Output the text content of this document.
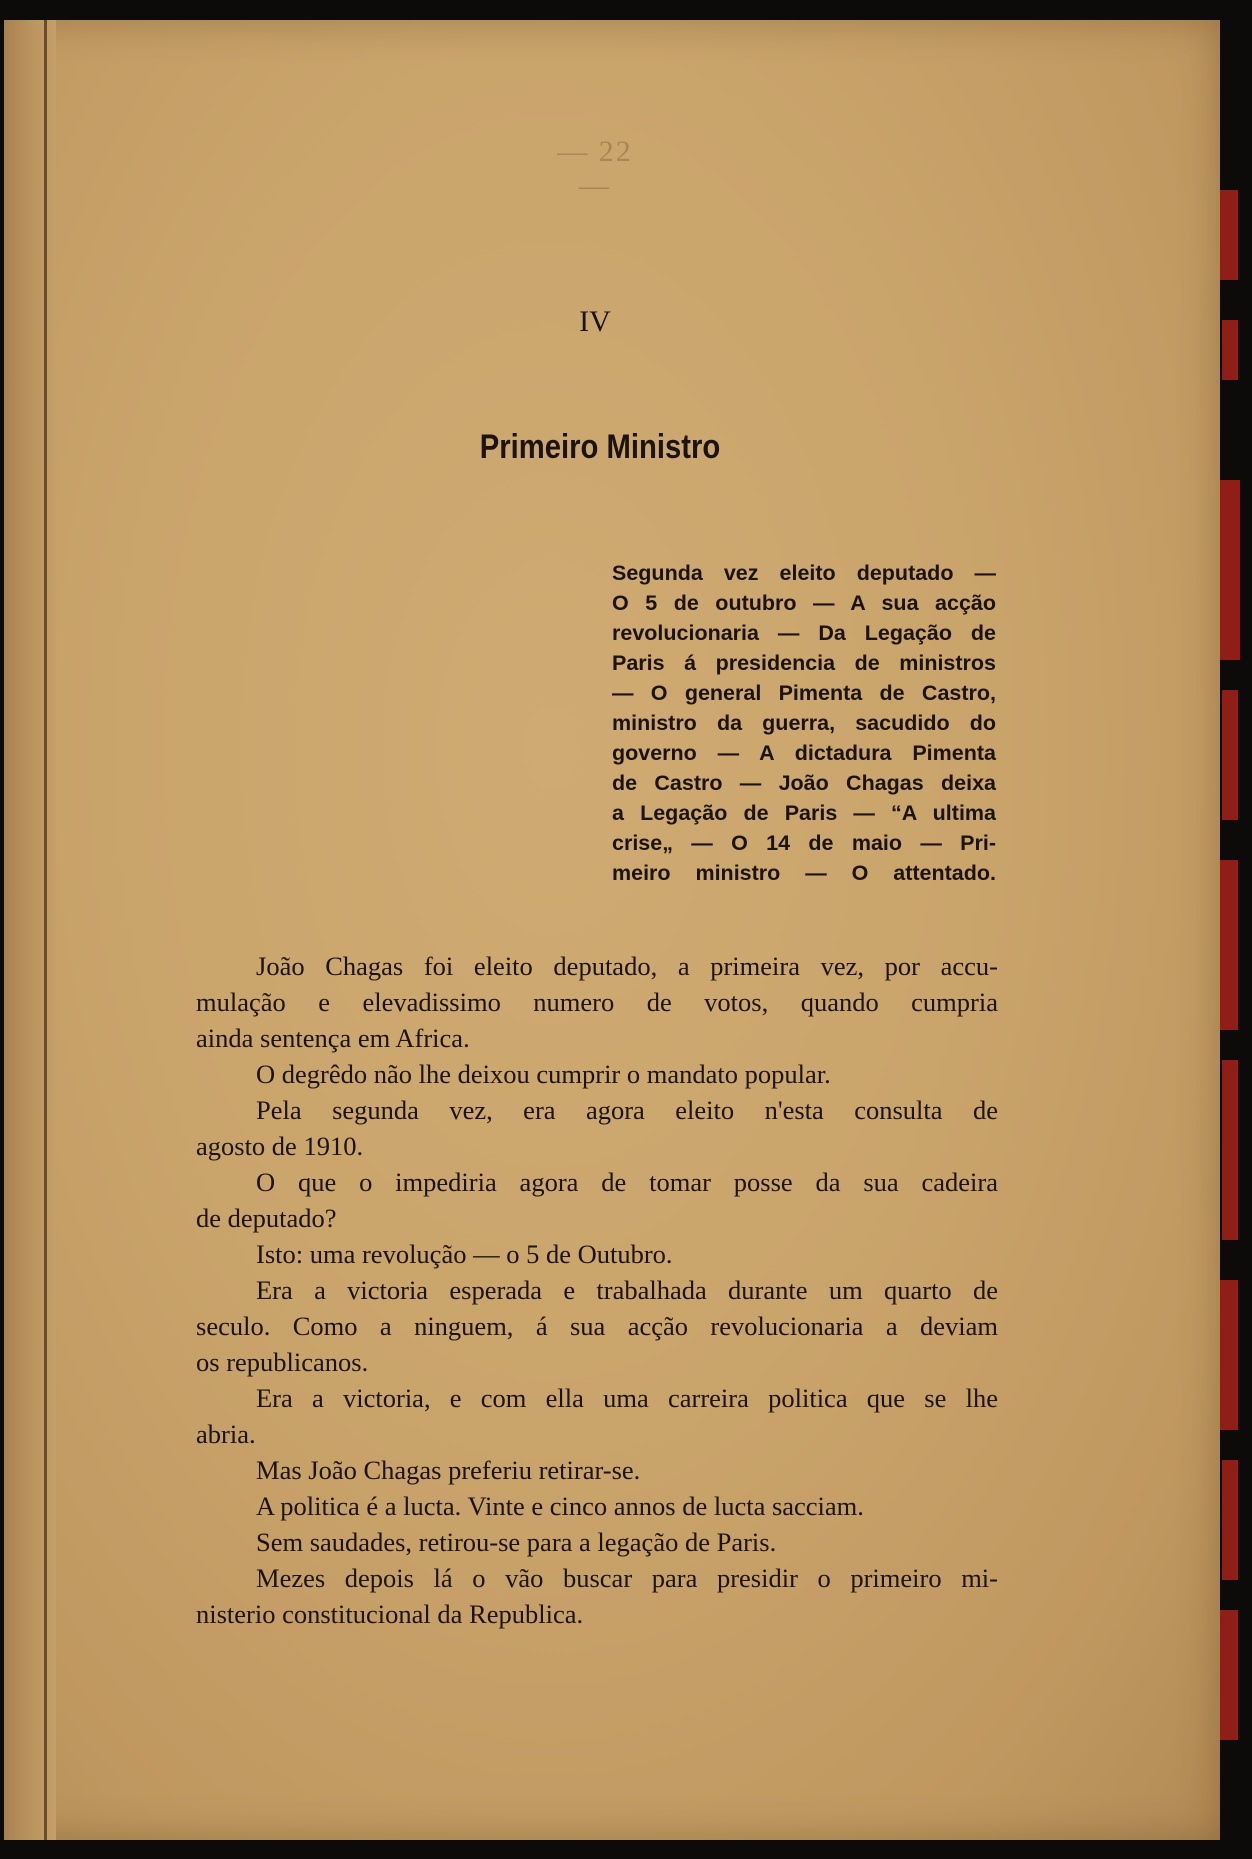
— 22 —
IV
Primeiro Ministro
Segunda vez eleito deputado —
O 5 de outubro — A sua acção
revolucionaria — Da Legação de
Paris á presidencia de ministros
— O general Pimenta de Castro,
ministro da guerra, sacudido do
governo — A dictadura Pimenta
de Castro — João Chagas deixa
a Legação de Paris — “A ultima
crise„ — O 14 de maio — Pri-
meiro ministro — O attentado.
João Chagas foi eleito deputado, a primeira vez, por accu-
mulação e elevadissimo numero de votos, quando cumpria
ainda sentença em Africa.
O degrêdo não lhe deixou cumprir o mandato popular.
Pela segunda vez, era agora eleito n'esta consulta de
agosto de 1910.
O que o impediria agora de tomar posse da sua cadeira
de deputado?
Isto: uma revolução — o 5 de Outubro.
Era a victoria esperada e trabalhada durante um quarto de
seculo. Como a ninguem, á sua acção revolucionaria a deviam
os republicanos.
Era a victoria, e com ella uma carreira politica que se lhe
abria.
Mas João Chagas preferiu retirar-se.
A politica é a lucta. Vinte e cinco annos de lucta sacciam.
Sem saudades, retirou-se para a legação de Paris.
Mezes depois lá o vão buscar para presidir o primeiro mi-
nisterio constitucional da Republica.
